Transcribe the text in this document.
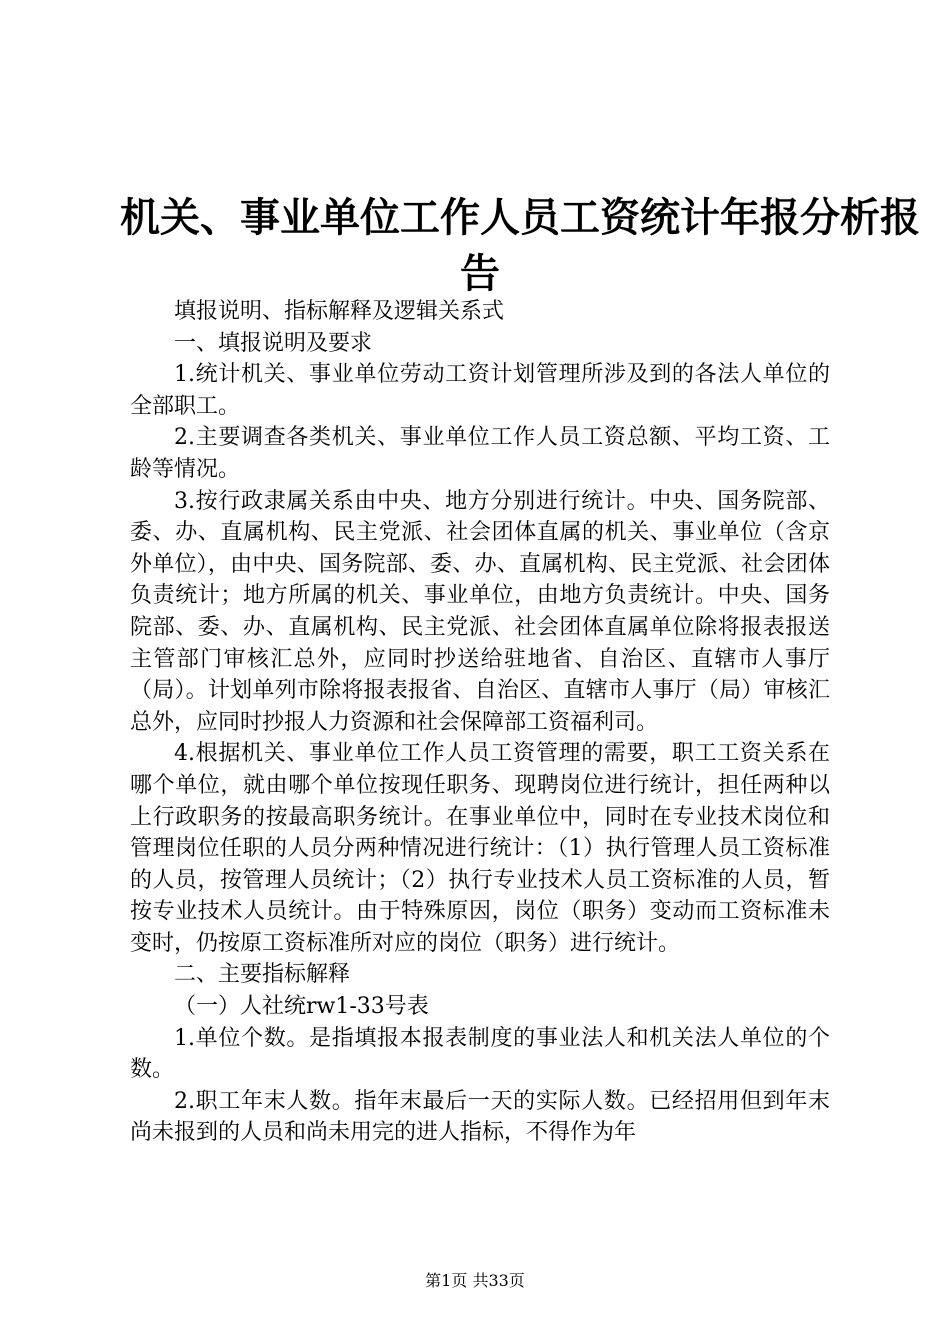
机关、事业单位工作人员工资统计年报分析报
告

填报说明、指标解释及逻辑关系式

一、填报说明及要求

1.统计机关、事业单位劳动工资计划管理所涉及到的各法人单位的全部职工。

2.主要调查各类机关、事业单位工作人员工资总额、平均工资、工龄等情况。

3.按行政隶属关系由中央、地方分别进行统计。中央、国务院部、委、办、直属机构、民主党派、社会团体直属的机关、事业单位（含京外单位），由中央、国务院部、委、办、直属机构、民主党派、社会团体负责统计；地方所属的机关、事业单位，由地方负责统计。中央、国务院部、委、办、直属机构、民主党派、社会团体直属单位除将报表报送主管部门审核汇总外，应同时抄送给驻地省、自治区、直辖市人事厅（局）。计划单列市除将报表报省、自治区、直辖市人事厅（局）审核汇总外，应同时抄报人力资源和社会保障部工资福利司。

4.根据机关、事业单位工作人员工资管理的需要，职工工资关系在哪个单位，就由哪个单位按现任职务、现聘岗位进行统计，担任两种以上行政职务的按最高职务统计。在事业单位中，同时在专业技术岗位和管理岗位任职的人员分两种情况进行统计：（1）执行管理人员工资标准的人员，按管理人员统计；（2）执行专业技术人员工资标准的人员，暂按专业技术人员统计。由于特殊原因，岗位（职务）变动而工资标准未变时，仍按原工资标准所对应的岗位（职务）进行统计。

二、主要指标解释

（一）人社统rw1-33号表

1.单位个数。是指填报本报表制度的事业法人和机关法人单位的个数。

2.职工年末人数。指年末最后一天的实际人数。已经招用但到年末尚未报到的人员和尚未用完的进人指标，不得作为年

第1页 共33页
